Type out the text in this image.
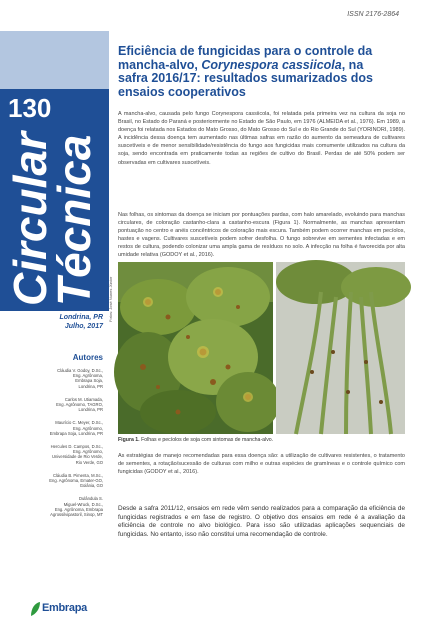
ISSN 2176-2864
130
Circular
Técnica
Londrina, PR
Julho, 2017
Autores
Cláudia V. Godoy, D.Sc.,
Eng. Agrônoma,
Embrapa Soja,
Londrina, PR
Carlos M. Utiamada,
Eng. Agrônomo, TAGRO,
Londrina, PR
Maurício C. Meyer, D.Sc.,
Eng. Agrônomo,
Embrapa Soja, Londrina, PR
Hercules D. Campos, D.Sc.,
Eng. Agrônomo,
Universidade de Rio Verde,
Rio Verde, GO
Cláudia B. Pimenta, M.Sc.,
Eng. Agrônoma, Emater-GO,
Goiânia, GO
Dulândula S.
Miguel-Wruck, D.Sc.,
Eng. Agrônoma, Embrapa
Agrossilvipastoril, Sinop, MT
Embrapa
Eficiência de fungicidas para o controle da mancha-alvo, Corynespora cassiicola, na safra 2016/17: resultados sumarizados dos ensaios cooperativos
A mancha-alvo, causada pelo fungo Corynespora cassiicola, foi relatada pela primeira vez na cultura da soja no Brasil, no Estado do Paraná e posteriormente no Estado de São Paulo, em 1976 (ALMEIDA et al., 1976). Em 1989, a doença foi relatada nos Estados do Mato Grosso, do Mato Grosso do Sul e do Rio Grande do Sul (YORINORI, 1989). A incidência dessa doença tem aumentado nas últimas safras em razão do aumento da semeadura de cultivares suscetíveis e de menor sensibilidade/resistência do fungo aos fungicidas mais comumente utilizados na cultura da soja, sendo encontrada em praticamente todas as regiões de cultivo do Brasil. Perdas de até 50% podem ser observadas em cultivares suscetíveis.
Nas folhas, os sintomas da doença se iniciam por pontuações pardas, com halo amarelado, evoluindo para manchas circulares, de coloração castanho-clara a castanho-escura (Figura 1). Normalmente, as manchas apresentam pontuação no centro e anéis concêntricos de coloração mais escura. Também podem ocorrer manchas em pecíolos, hastes e vagens. Cultivares suscetíveis podem sofrer desfolha. O fungo sobrevive em sementes infectadas e em restos de cultura, podendo colonizar uma ampla gama de resíduos no solo. A infecção na folha é favorecida por alta umidade relativa (GODOY et al., 2016).
Fotos: José Nunes Júnior
Figura 1. Folhas e pecíolos de soja com sintomas de mancha-alvo.
As estratégias de manejo recomendadas para essa doença são: a utilização de cultivares resistentes, o tratamento de sementes, a rotação/sucessão de culturas com milho e outras espécies de gramíneas e o controle químico com fungicidas (GODOY et al., 2016).
Desde a safra 2011/12, ensaios em rede vêm sendo realizados para a comparação da eficiência de fungicidas registrados e em fase de registro. O objetivo dos ensaios em rede é a avaliação da eficiência de controle no alvo biológico. Para isso são utilizadas aplicações sequenciais de fungicidas. No entanto, isso não constitui uma recomendação de controle.
